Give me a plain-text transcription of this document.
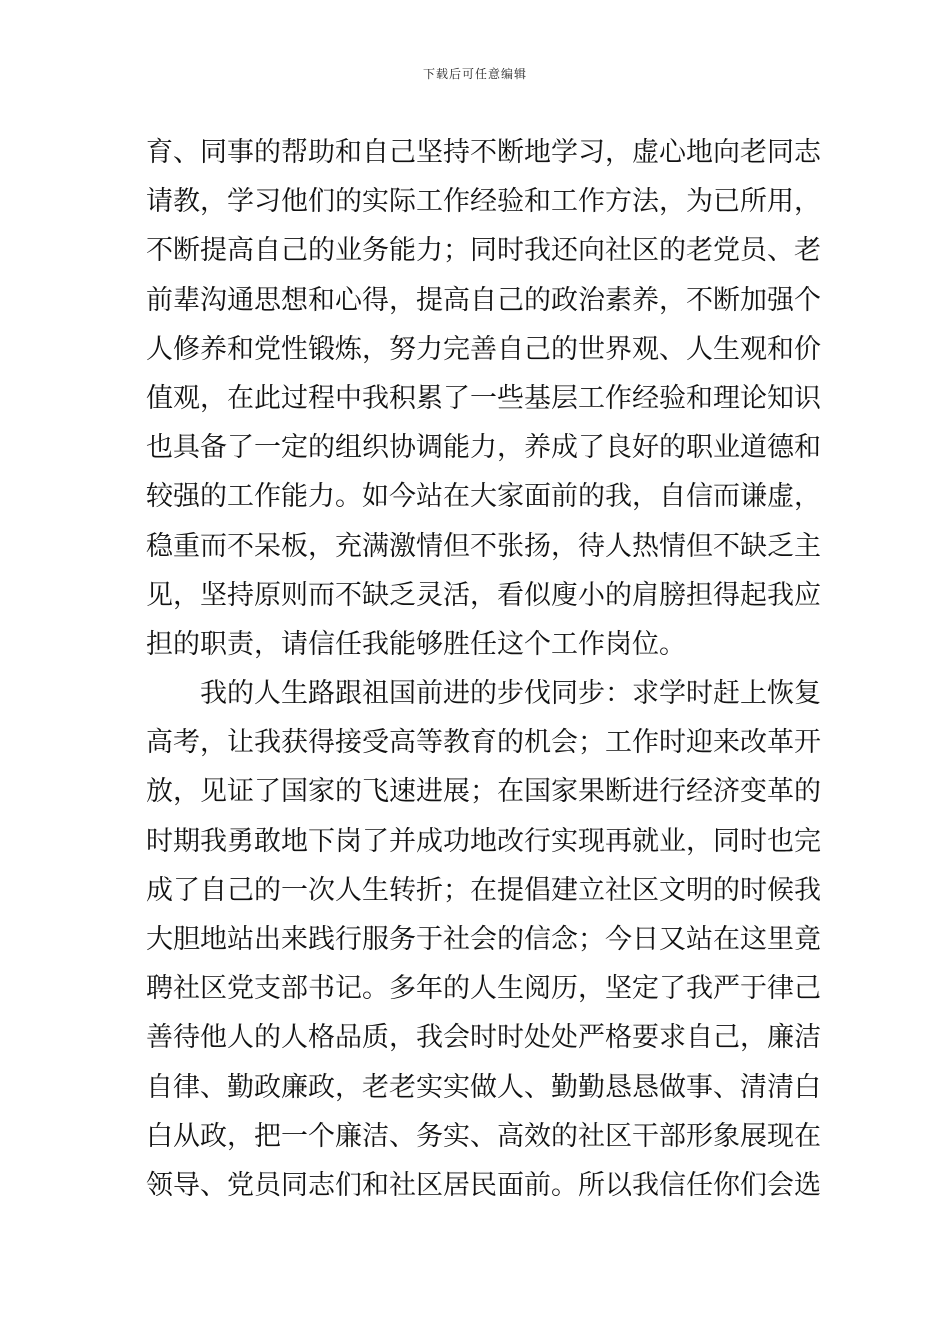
下载后可任意编辑
育、同事的帮助和自己坚持不断地学习，虚心地向老同志
请教，学习他们的实际工作经验和工作方法，为已所用，
不断提高自己的业务能力；同时我还向社区的老党员、老
前辈沟通思想和心得，提高自己的政治素养，不断加强个
人修养和党性锻炼，努力完善自己的世界观、人生观和价
值观，在此过程中我积累了一些基层工作经验和理论知识
也具备了一定的组织协调能力，养成了良好的职业道德和
较强的工作能力。如今站在大家面前的我，自信而谦虚，
稳重而不呆板，充满激情但不张扬，待人热情但不缺乏主
见，坚持原则而不缺乏灵活，看似廋小的肩膀担得起我应
担的职责，请信任我能够胜任这个工作岗位。
我的人生路跟祖国前进的步伐同步：求学时赶上恢复
高考，让我获得接受高等教育的机会；工作时迎来改革开
放，见证了国家的飞速进展；在国家果断进行经济变革的
时期我勇敢地下岗了并成功地改行实现再就业，同时也完
成了自己的一次人生转折；在提倡建立社区文明的时候我
大胆地站出来践行服务于社会的信念；今日又站在这里竟
聘社区党支部书记。多年的人生阅历，坚定了我严于律己
善待他人的人格品质，我会时时处处严格要求自己，廉洁
自律、勤政廉政，老老实实做人、勤勤恳恳做事、清清白
白从政，把一个廉洁、务实、高效的社区干部形象展现在
领导、党员同志们和社区居民面前。所以我信任你们会选
